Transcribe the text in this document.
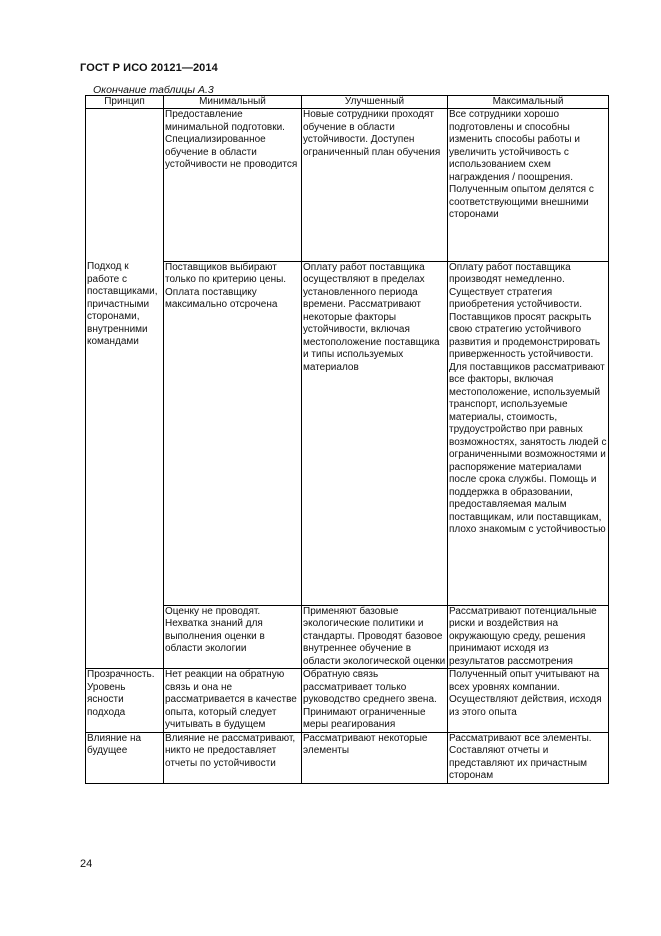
ГОСТ Р ИСО 20121—2014
Окончание таблицы А.3
Принцип	Минимальный	Улучшенный	Максимальный
	Предоставление минимальной подготовки. Специализированное обучение в области устойчивости не проводится	Новые сотрудники проходят обучение в области устойчивости. Доступен ограниченный план обучения	Все сотрудники хорошо подготовлены и способны изменить способы работы и увеличить устойчивость с использованием схем награждения / поощрения. Полученным опытом делятся с соответствующими внешними сторонами
Подход к работе с поставщиками, причастными сторонами, внутренними командами	Поставщиков выбирают только по критерию цены. Оплата поставщику максимально отсрочена	Оплату работ поставщика осуществляют в пределах установленного периода времени. Рассматривают некоторые факторы устойчивости, включая местоположение поставщика и типы используемых материалов	Оплату работ поставщика производят немедленно. Существует стратегия приобретения устойчивости. Поставщиков просят раскрыть свою стратегию устойчивого развития и продемонстрировать приверженность устойчивости. Для поставщиков рассматривают все факторы, включая местоположение, используемый транспорт, используемые материалы, стоимость, трудоустройство при равных возможностях, занятость людей с ограниченными возможностями и распоряжение материалами после срока службы. Помощь и поддержка в образовании, предоставляемая малым поставщикам, или поставщикам, плохо знакомым с устойчивостью
	Оценку не проводят. Нехватка знаний для выполнения оценки в области экологии	Применяют базовые экологические политики и стандарты. Проводят базовое внутреннее обучение в области экологической оценки	Рассматривают потенциальные риски и воздействия на окружающую среду, решения принимают исходя из результатов рассмотрения
Прозрачность. Уровень ясности подхода	Нет реакции на обратную связь и она не рассматривается в качестве опыта, который следует учитывать в будущем	Обратную связь рассматривает только руководство среднего звена. Принимают ограниченные меры реагирования	Полученный опыт учитывают на всех уровнях компании. Осуществляют действия, исходя из этого опыта
Влияние на будущее	Влияние не рассматривают, никто не предоставляет отчеты по устойчивости	Рассматривают некоторые элементы	Рассматривают все элементы. Составляют отчеты и представляют их причастным сторонам
24
